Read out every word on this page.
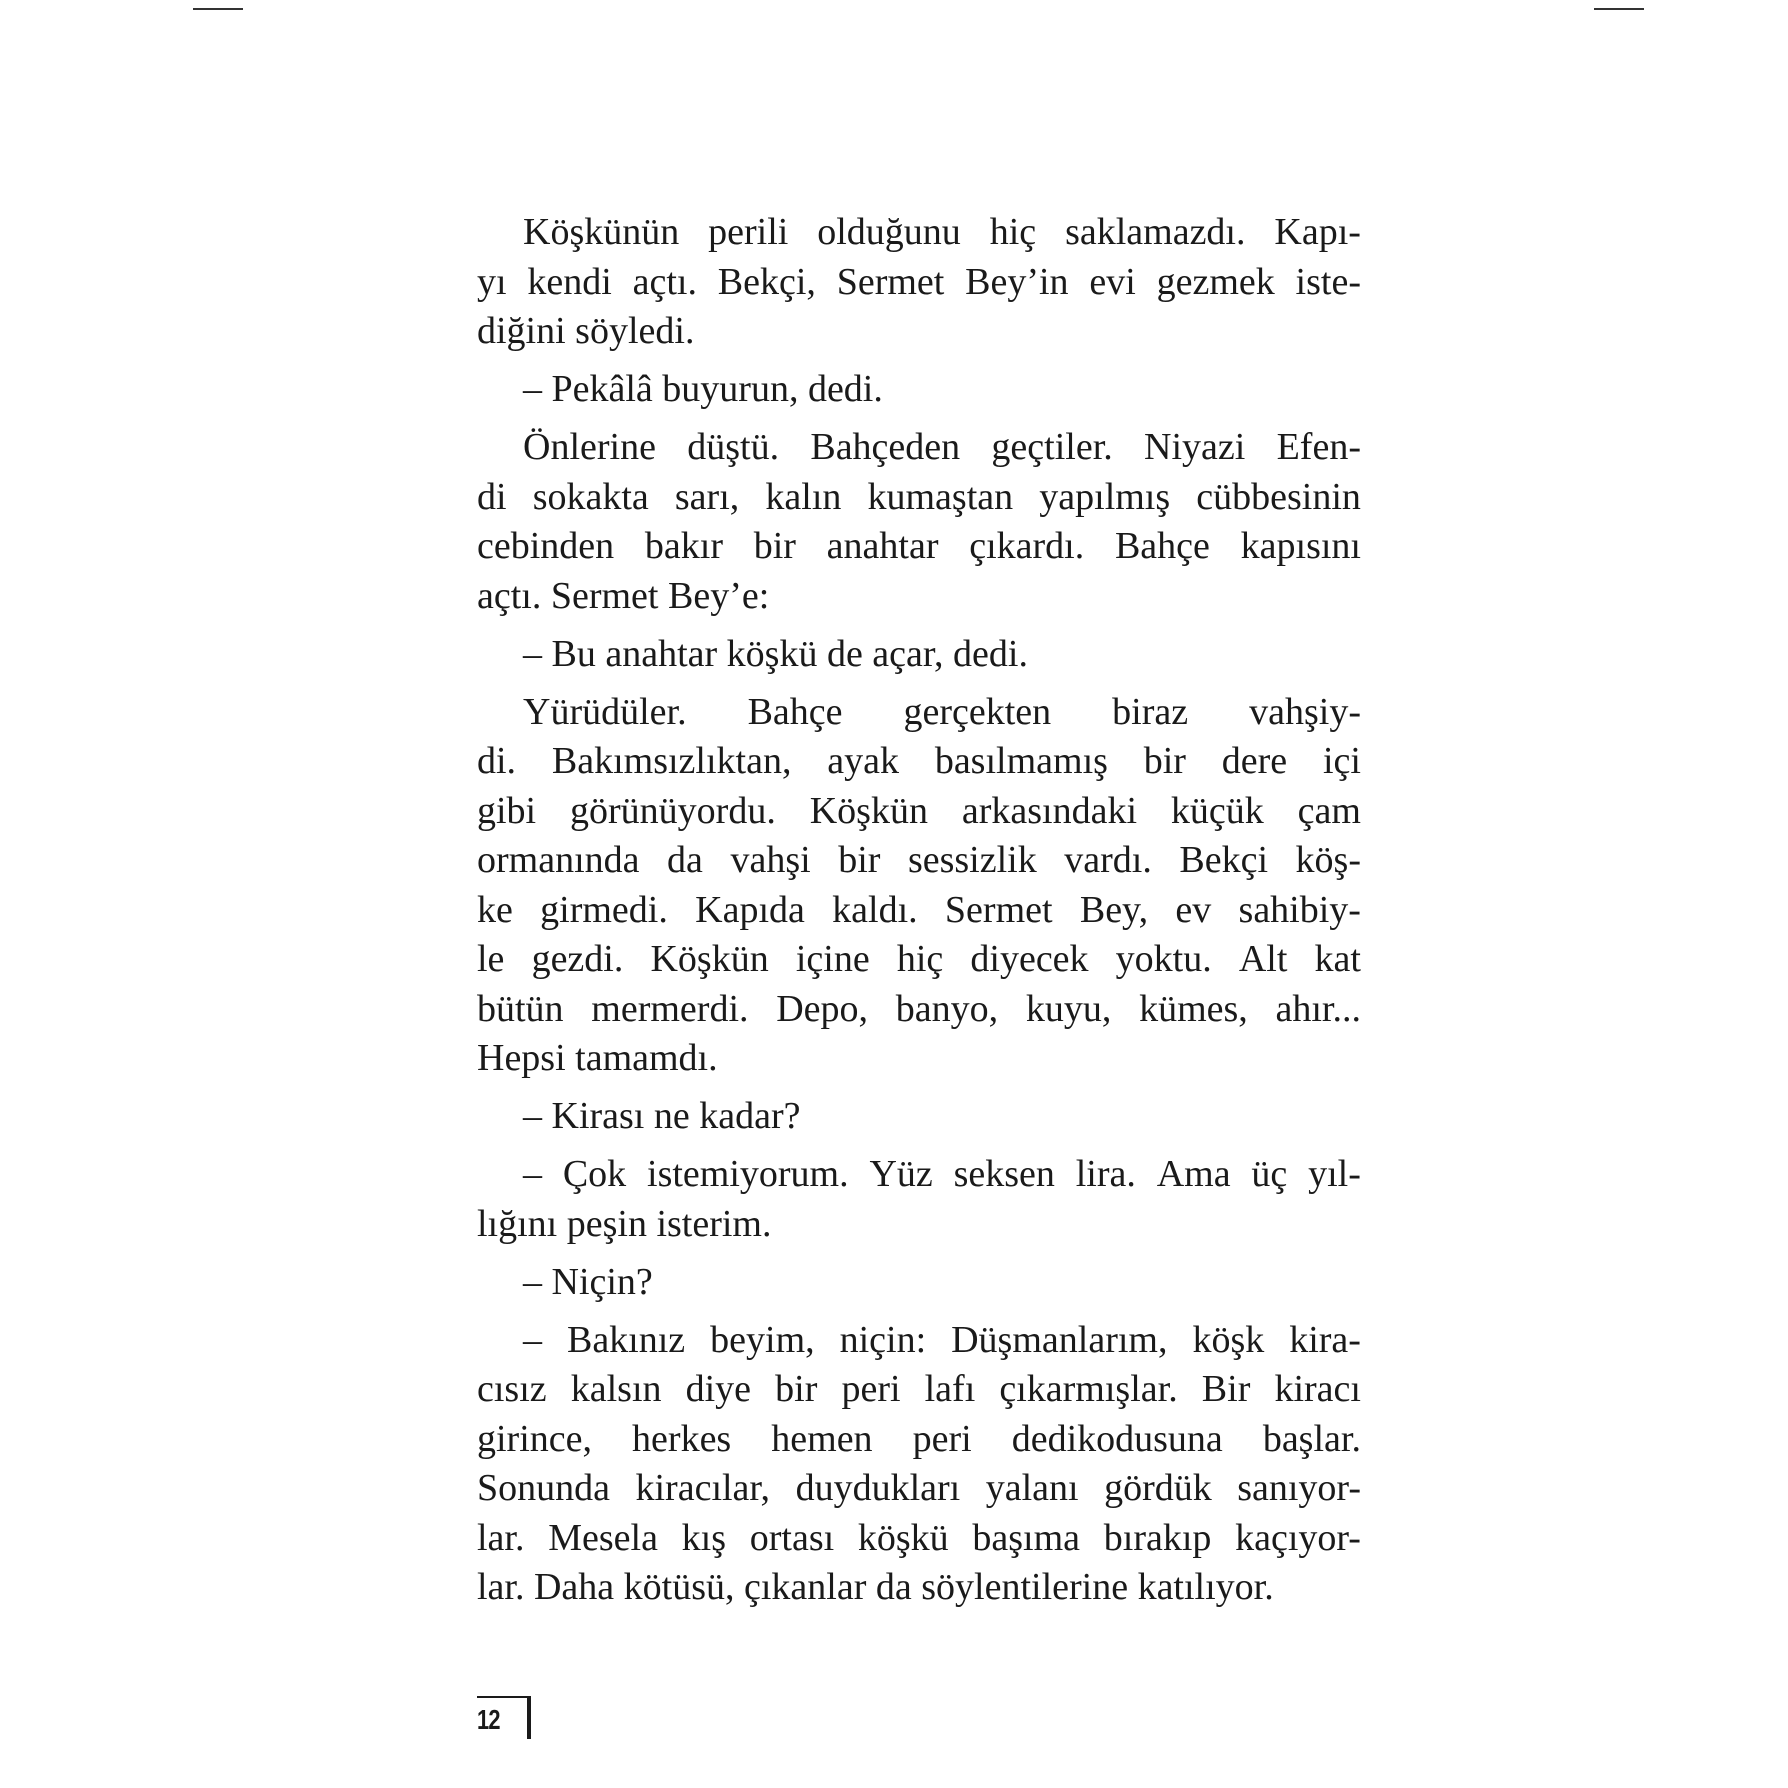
Köşkünün perili olduğunu hiç saklamazdı. Kapı-
yı kendi açtı. Bekçi, Sermet Bey’in evi gezmek iste-
diğini söyledi.
– Pekâlâ buyurun, dedi.
Önlerine düştü. Bahçeden geçtiler. Niyazi Efen-
di sokakta sarı, kalın kumaştan yapılmış cübbesinin
cebinden bakır bir anahtar çıkardı. Bahçe kapısını
açtı. Sermet Bey’e:
– Bu anahtar köşkü de açar, dedi.
Yürüdüler. Bahçe gerçekten biraz vahşiy-
di. Bakımsızlıktan, ayak basılmamış bir dere içi
gibi görünüyordu. Köşkün arkasındaki küçük çam
ormanında da vahşi bir sessizlik vardı. Bekçi köş-
ke girmedi. Kapıda kaldı. Sermet Bey, ev sahibiy-
le gezdi. Köşkün içine hiç diyecek yoktu. Alt kat
bütün mermerdi. Depo, banyo, kuyu, kümes, ahır...
Hepsi tamamdı.
– Kirası ne kadar?
– Çok istemiyorum. Yüz seksen lira. Ama üç yıl-
lığını peşin isterim.
– Niçin?
– Bakınız beyim, niçin: Düşmanlarım, köşk kira-
cısız kalsın diye bir peri lafı çıkarmışlar. Bir kiracı
girince, herkes hemen peri dedikodusuna başlar.
Sonunda kiracılar, duydukları yalanı gördük sanıyor-
lar. Mesela kış ortası köşkü başıma bırakıp kaçıyor-
lar. Daha kötüsü, çıkanlar da söylentilerine katılıyor.
12
